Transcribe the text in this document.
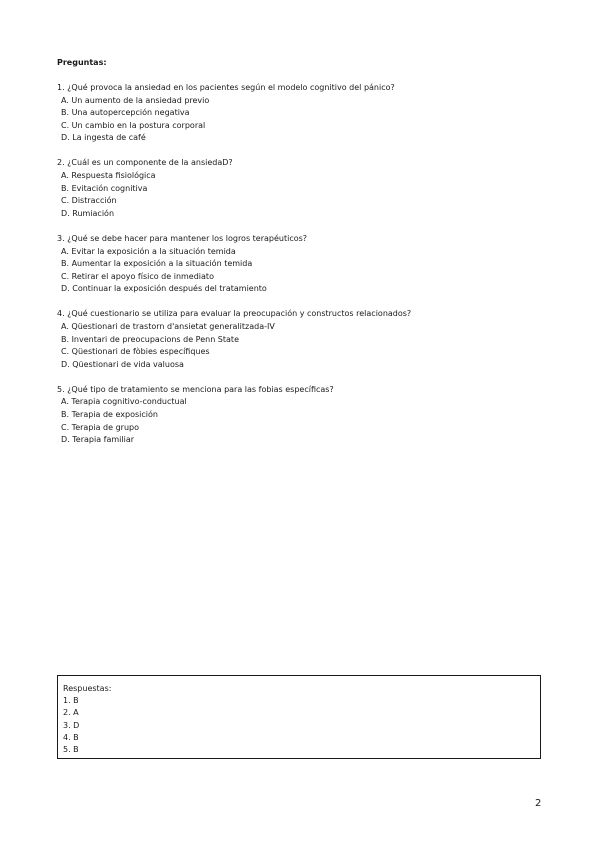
Preguntas:
1. ¿Qué provoca la ansiedad en los pacientes según el modelo cognitivo del pánico?
A. Un aumento de la ansiedad previo
B. Una autopercepción negativa
C. Un cambio en la postura corporal
D. La ingesta de café
2. ¿Cuál es un componente de la ansiedaD?
A. Respuesta fisiológica
B. Evitación cognitiva
C. Distracción
D. Rumiación
3. ¿Qué se debe hacer para mantener los logros terapéuticos?
A. Evitar la exposición a la situación temida
B. Aumentar la exposición a la situación temida
C. Retirar el apoyo físico de inmediato
D. Continuar la exposición después del tratamiento
4. ¿Qué cuestionario se utiliza para evaluar la preocupación y constructos relacionados?
A. Qüestionari de trastorn d'ansietat generalitzada-IV
B. Inventari de preocupacions de Penn State
C. Qüestionari de fòbies específiques
D. Qüestionari de vida valuosa
5. ¿Qué tipo de tratamiento se menciona para las fobias específicas?
A. Terapia cognitivo-conductual
B. Terapia de exposición
C. Terapia de grupo
D. Terapia familiar
Respuestas:
1. B
2. A
3. D
4. B
5. B
2
